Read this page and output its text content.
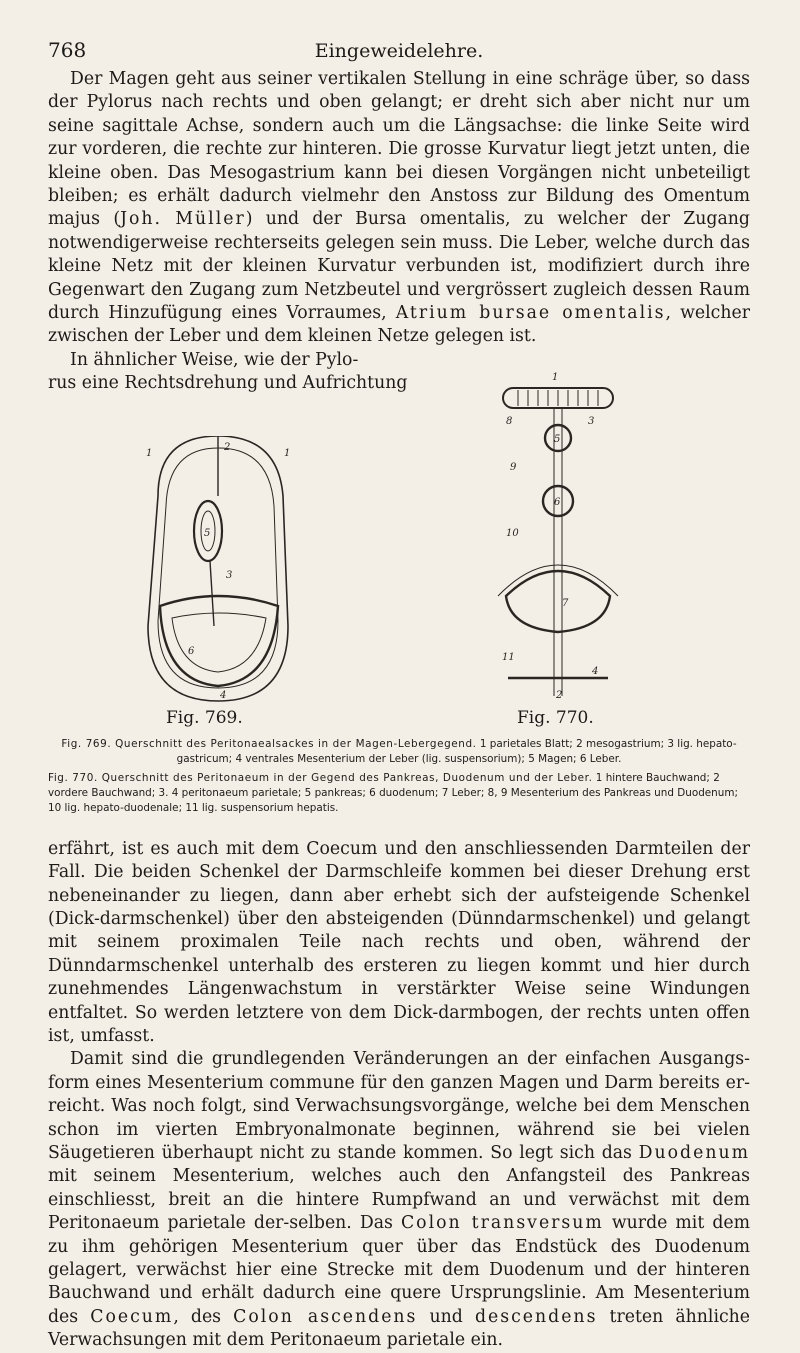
768	Eingeweidelehre.

Der Magen geht aus seiner vertikalen Stellung in eine schräge über, so dass der Pylorus nach rechts und oben gelangt; er dreht sich aber nicht nur um seine sagittale Achse, sondern auch um die Längsachse: die linke Seite wird zur vorderen, die rechte zur hinteren. Die grosse Kurvatur liegt jetzt unten, die kleine oben. Das Mesogastrium kann bei diesen Vorgängen nicht unbeteiligt bleiben; es erhält dadurch vielmehr den Anstoss zur Bildung des Omentum majus (Joh. Müller) und der Bursa omentalis, zu welcher der Zugang notwendigerweise rechterseits gelegen sein muss. Die Leber, welche durch das kleine Netz mit der kleinen Kurvatur verbunden ist, modifiziert durch ihre Gegenwart den Zugang zum Netzbeutel und vergrössert zugleich dessen Raum durch Hinzufügung eines Vorraumes, Atrium bursae omentalis, welcher zwischen der Leber und dem kleinen Netze gelegen ist.

In ähnlicher Weise, wie der Pylo-

rus eine Rechtsdrehung und Aufrichtung

1	1
2
3
4
5
6
1
2
3
4
5
6
7
8
9
10
11
Fig. 769.	Fig. 770.

Fig. 769. Querschnitt des Peritonaealsackes in der Magen-Lebergegend. 1 parietales Blatt; 2 mesogastrium; 3 lig. hepato-gastricum; 4 ventrales Mesenterium der Leber (lig. suspensorium); 5 Magen; 6 Leber.

Fig. 770. Querschnitt des Peritonaeum in der Gegend des Pankreas, Duodenum und der Leber. 1 hintere Bauchwand; 2 vordere Bauchwand; 3. 4 peritonaeum parietale; 5 pankreas; 6 duodenum; 7 Leber; 8, 9 Mesenterium des Pankreas und Duodenum; 10 lig. hepato-duodenale; 11 lig. suspensorium hepatis.

erfährt, ist es auch mit dem Coecum und den anschliessenden Darmteilen der Fall. Die beiden Schenkel der Darmschleife kommen bei dieser Drehung erst nebeneinander zu liegen, dann aber erhebt sich der aufsteigende Schenkel (Dick-darmschenkel) über den absteigenden (Dünndarmschenkel) und gelangt mit seinem proximalen Teile nach rechts und oben, während der Dünndarmschenkel unterhalb des ersteren zu liegen kommt und hier durch zunehmendes Längenwachstum in verstärkter Weise seine Windungen entfaltet. So werden letztere von dem Dick-darmbogen, der rechts unten offen ist, umfasst.

Damit sind die grundlegenden Veränderungen an der einfachen Ausgangs-form eines Mesenterium commune für den ganzen Magen und Darm bereits er-reicht. Was noch folgt, sind Verwachsungsvorgänge, welche bei dem Menschen schon im vierten Embryonalmonate beginnen, während sie bei vielen Säugetieren überhaupt nicht zu stande kommen. So legt sich das Duodenum mit seinem Mesenterium, welches auch den Anfangsteil des Pankreas einschliesst, breit an die hintere Rumpfwand an und verwächst mit dem Peritonaeum parietale der-selben. Das Colon transversum wurde mit dem zu ihm gehörigen Mesenterium quer über das Endstück des Duodenum gelagert, verwächst hier eine Strecke mit dem Duodenum und der hinteren Bauchwand und erhält dadurch eine quere Ursprungslinie. Am Mesenterium des Coecum, des Colon ascendens und descendens treten ähnliche Verwachsungen mit dem Peritonaeum parietale ein.
